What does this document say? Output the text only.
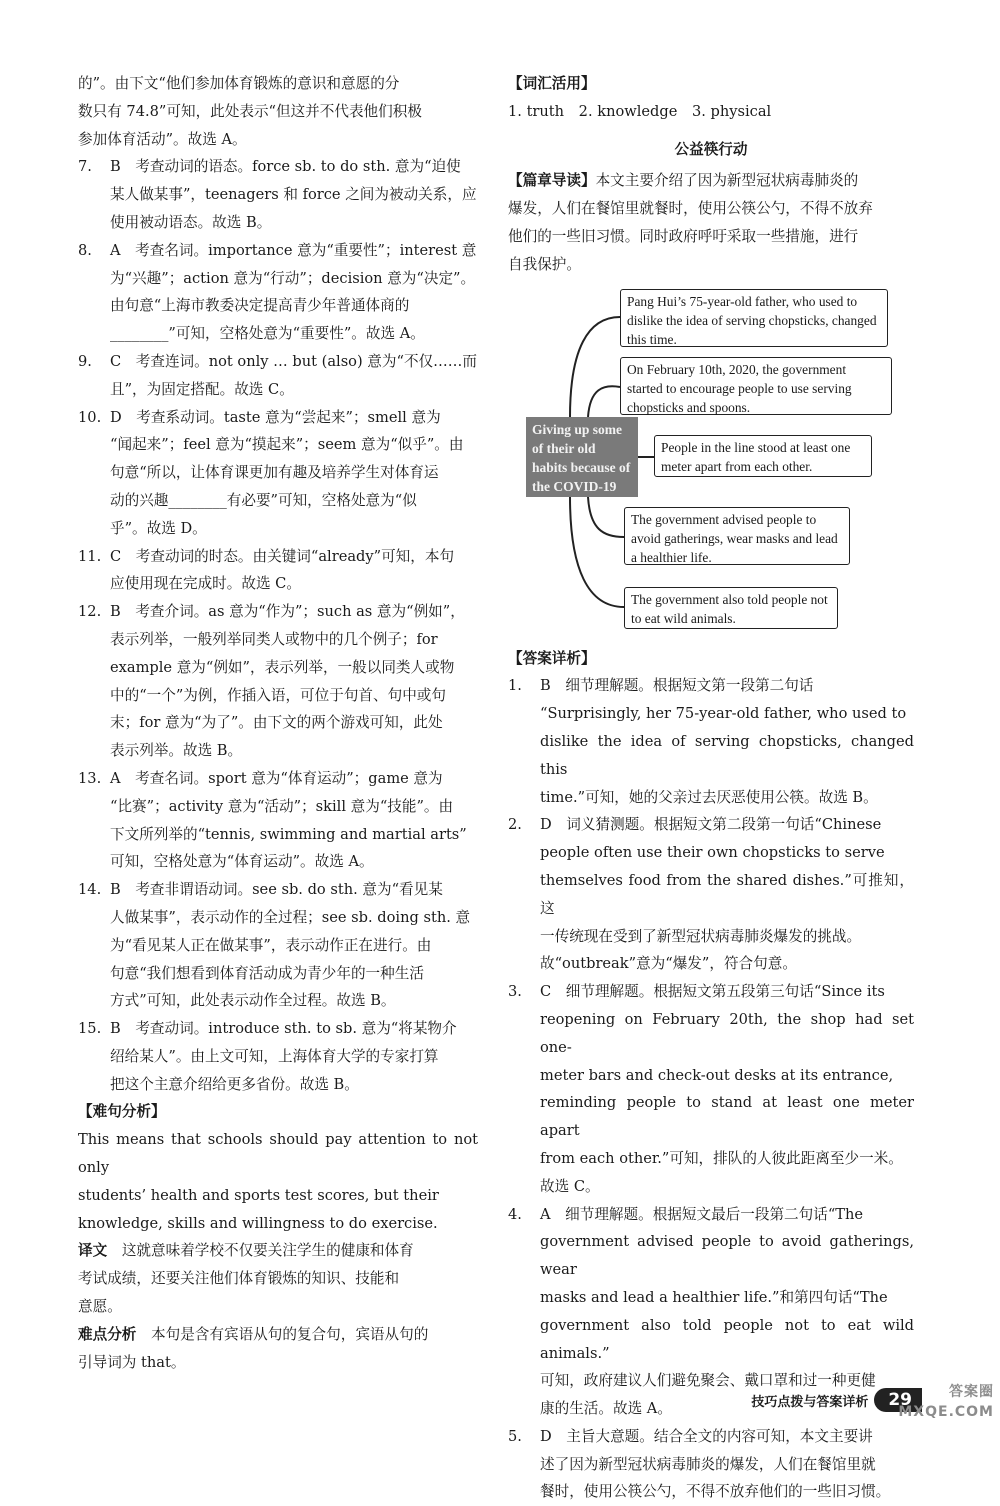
的”。由下文“他们参加体育锻炼的意识和意愿的分

数只有 74.8”可知，此处表示“但这并不代表他们积极

参加体育活动”。故选 A。

7. B　考查动词的语态。force sb. to do sth. 意为“迫使

某人做某事”，teenagers 和 force 之间为被动关系，应

使用被动语态。故选 B。

8. A　考查名词。importance 意为“重要性”；interest 意

为“兴趣”；action 意为“行动”；decision 意为“决定”。

由句意“上海市教委决定提高青少年普通体商的

________”可知，空格处意为“重要性”。故选 A。

9. C　考查连词。not only … but (also) 意为“不仅……而

且”，为固定搭配。故选 C。

10. D　考查系动词。taste 意为“尝起来”；smell 意为

“闻起来”；feel 意为“摸起来”；seem 意为“似乎”。由

句意“所以，让体育课更加有趣及培养学生对体育运

动的兴趣________有必要”可知，空格处意为“似

乎”。故选 D。

11. C　考查动词的时态。由关键词“already”可知，本句

应使用现在完成时。故选 C。

12. B　考查介词。as 意为“作为”；such as 意为“例如”，

表示列举，一般列举同类人或物中的几个例子；for

example 意为“例如”，表示列举，一般以同类人或物

中的“一个”为例，作插入语，可位于句首、句中或句

末；for 意为“为了”。由下文的两个游戏可知，此处

表示列举。故选 B。

13. A　考查名词。sport 意为“体育运动”；game 意为

“比赛”；activity 意为“活动”；skill 意为“技能”。由

下文所列举的“tennis, swimming and martial arts”

可知，空格处意为“体育运动”。故选 A。

14. B　考查非谓语动词。see sb. do sth. 意为“看见某

人做某事”，表示动作的全过程；see sb. doing sth. 意

为“看见某人正在做某事”，表示动作正在进行。由

句意“我们想看到体育活动成为青少年的一种生活

方式”可知，此处表示动作全过程。故选 B。

15. B　考查动词。introduce sth. to sb. 意为“将某物介

绍给某人”。由上文可知，上海体育大学的专家打算

把这个主意介绍给更多省份。故选 B。

【难句分析】

This means that schools should pay attention to not only

students’ health and sports test scores, but their

knowledge, skills and willingness to do exercise.

译文　 这就意味着学校不仅要关注学生的健康和体育

考试成绩，还要关注他们体育锻炼的知识、技能和

意愿。

难点分析　 本句是含有宾语从句的复合句，宾语从句的

引导词为 that。

【词汇活用】

1. truth　2. knowledge　3. physical

公益筷行动

【篇章导读】本文主要介绍了因为新型冠状病毒肺炎的

爆发，人们在餐馆里就餐时，使用公筷公勺，不得不放弃

他们的一些旧习惯。同时政府呼吁采取一些措施，进行

自我保护。

Giving up some of their old habits because of the COVID-19
Pang Hui’s 75-year-old father, who used to dislike the idea of serving chopsticks, changed this time.
On February 10th, 2020, the government started to encourage people to use serving chopsticks and spoons.
People in the line stood at least one meter apart from each other.
The government advised people to avoid gatherings, wear masks and lead a healthier life.
The government also told people not to eat wild animals.

【答案详析】

1. B　细节理解题。根据短文第一段第二句话

“Surprisingly, her 75-year-old father, who used to

dislike the idea of serving chopsticks, changed this

time.”可知，她的父亲过去厌恶使用公筷。故选 B。

2. D　词义猜测题。根据短文第二段第一句话“Chinese

people often use their own chopsticks to serve

themselves food from the shared dishes.”可推知，这

一传统现在受到了新型冠状病毒肺炎爆发的挑战。

故“outbreak”意为“爆发”，符合句意。

3. C　细节理解题。根据短文第五段第三句话“Since its

reopening on February 20th, the shop had set one-

meter bars and check-out desks at its entrance,

reminding people to stand at least one meter apart

from each other.”可知，排队的人彼此距离至少一米。

故选 C。

4. A　细节理解题。根据短文最后一段第二句话“The

government advised people to avoid gatherings, wear

masks and lead a healthier life.”和第四句话“The

government also told people not to eat wild animals.”

可知，政府建议人们避免聚会、戴口罩和过一种更健

康的生活。故选 A。

5. D　主旨大意题。结合全文的内容可知，本文主要讲

述了因为新型冠状病毒肺炎的爆发，人们在餐馆里就

餐时，使用公筷公勺，不得不放弃他们的一些旧习惯。

技巧点拨与答案详析	29	答案圈
MXQE.COM
